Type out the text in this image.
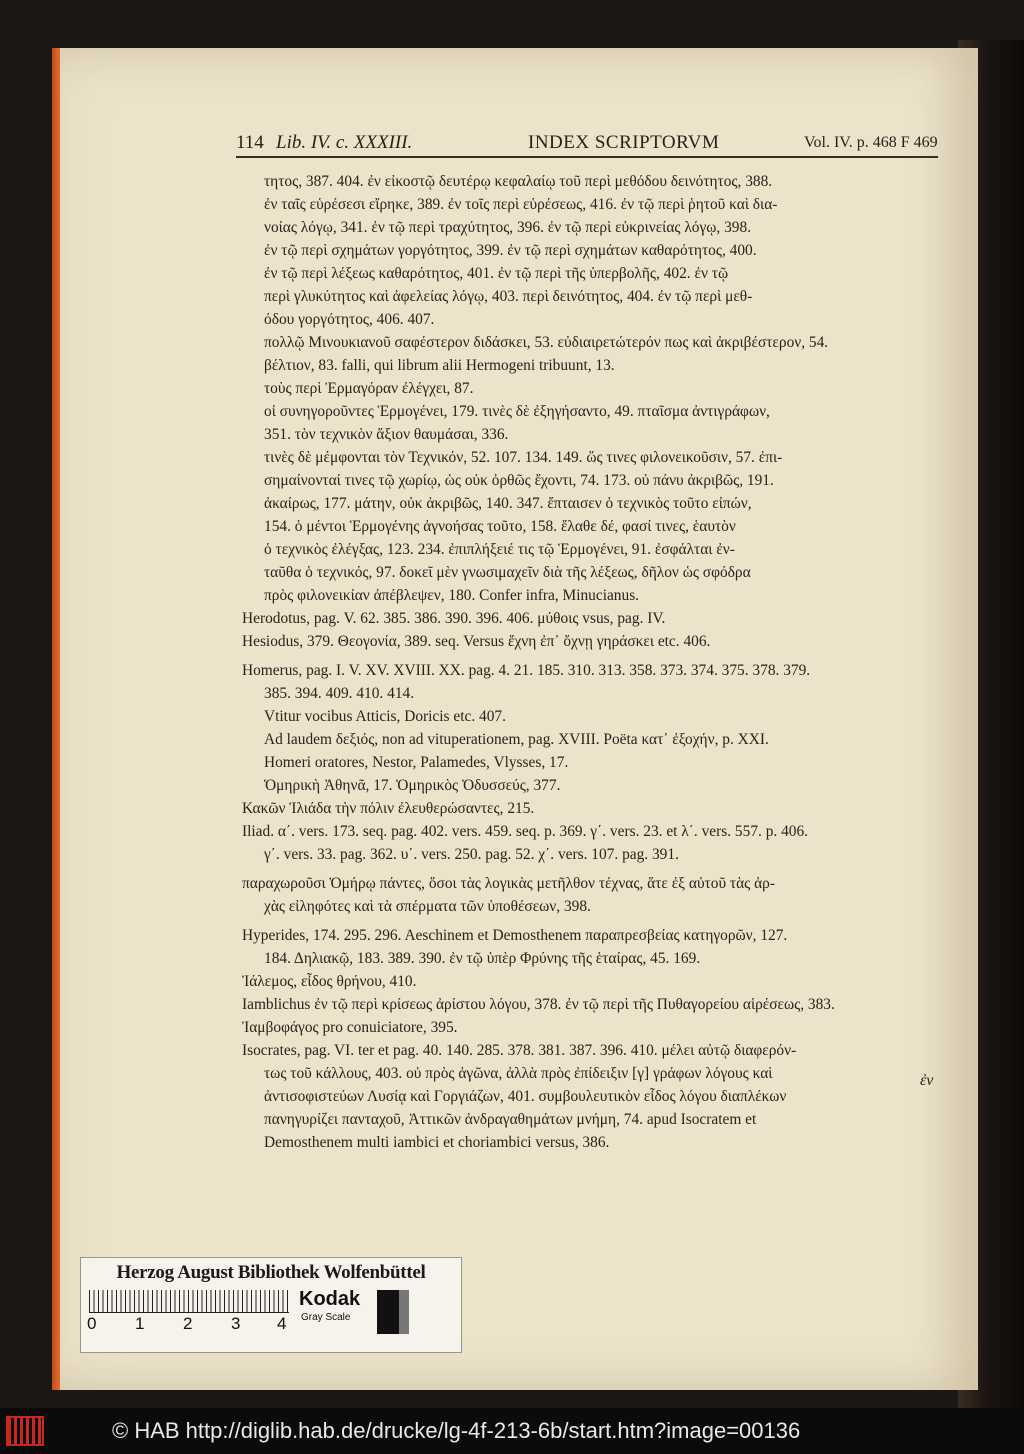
114 Lib. IV. c. XXXIII.	INDEX SCRIPTORVM	Vol. IV. p. 468 F 469

τητος, 387. 404. ἐν εἰκοστῷ δευτέρῳ κεφαλαίῳ τοῦ περὶ μεθόδου δεινότητος, 388.

ἐν ταῖς εὑρέσεσι εἴρηκε, 389. ἐν τοῖς περὶ εὑρέσεως, 416. ἐν τῷ περὶ ῥητοῦ καὶ δια-

νοίας λόγῳ, 341. ἐν τῷ περὶ τραχύτητος, 396. ἐν τῷ περὶ εὐκρινείας λόγῳ, 398.

ἐν τῷ περὶ σχημάτων γοργότητος, 399. ἐν τῷ περὶ σχημάτων καθαρότητος, 400.

ἐν τῷ περὶ λέξεως καθαρότητος, 401. ἐν τῷ περὶ τῆς ὑπερβολῆς, 402. ἐν τῷ

περὶ γλυκύτητος καὶ ἀφελείας λόγῳ, 403. περὶ δεινότητος, 404. ἐν τῷ περὶ μεθ-

όδου γοργότητος, 406. 407.

πολλῷ Μινουκιανοῦ σαφέστερον διδάσκει, 53. εὐδιαιρετώτερόν πως καὶ ἀκριβέστερον, 54.

βέλτιον, 83. falli, qui librum alii Hermogeni tribuunt, 13.

τοὺς περὶ Ἑρμαγόραν ἐλέγχει, 87.

οἱ συνηγοροῦντες Ἑρμογένει, 179. τινὲς δὲ ἐξηγήσαντο, 49. πταῖσμα ἀντιγράφων,

351. τὸν τεχνικὸν ἄξιον θαυμάσαι, 336.

τινὲς δὲ μέμφονται τὸν Τεχνικόν, 52. 107. 134. 149. ὥς τινες φιλονεικοῦσιν, 57. ἐπι-

σημαίνονταί τινες τῷ χωρίῳ, ὡς οὐκ ὀρθῶς ἔχοντι, 74. 173. οὐ πάνυ ἀκριβῶς, 191.

ἀκαίρως, 177. μάτην, οὐκ ἀκριβῶς, 140. 347. ἔπταισεν ὁ τεχνικὸς τοῦτο εἰπών,

154. ὁ μέντοι Ἑρμογένης ἀγνοήσας τοῦτο, 158. ἔλαθε δέ, φασί τινες, ἑαυτὸν

ὁ τεχνικὸς ἐλέγξας, 123. 234. ἐπιπλήξειέ τις τῷ Ἑρμογένει, 91. ἐσφάλται ἐν-

ταῦθα ὁ τεχνικός, 97. δοκεῖ μὲν γνωσιμαχεῖν διὰ τῆς λέξεως, δῆλον ὡς σφόδρα

πρὸς φιλονεικίαν ἀπέβλεψεν, 180. Confer infra, Minucianus.

Herodotus, pag. V. 62. 385. 386. 390. 396. 406. μύθοις vsus, pag. IV.

Hesiodus, 379. Θεογονία, 389. seq. Versus ἔχνη ἐπ᾽ ὄχνῃ γηράσκει etc. 406.

Homerus, pag. I. V. XV. XVIII. XX. pag. 4. 21. 185. 310. 313. 358. 373. 374. 375. 378. 379.

385. 394. 409. 410. 414.

Vtitur vocibus Atticis, Doricis etc. 407.

Ad laudem δεξιός, non ad vituperationem, pag. XVIII. Poëta κατ᾽ ἐξοχήν, p. XXI.

Homeri oratores, Nestor, Palamedes, Vlysses, 17.

Ὁμηρικὴ Ἀθηνᾶ, 17. Ὁμηρικὸς Ὀδυσσεύς, 377.

Κακῶν Ἰλιάδα τὴν πόλιν ἐλευθερώσαντες, 215.

Iliad. α΄. vers. 173. seq. pag. 402. vers. 459. seq. p. 369. γ΄. vers. 23. et λ΄. vers. 557. p. 406.

γ΄. vers. 33. pag. 362. υ΄. vers. 250. pag. 52. χ΄. vers. 107. pag. 391.

παραχωροῦσι Ὁμήρῳ πάντες, ὅσοι τὰς λογικὰς μετῆλθον τέχνας, ἅτε ἐξ αὐτοῦ τὰς ἀρ-

χὰς εἰληφότες καὶ τὰ σπέρματα τῶν ὑποθέσεων, 398.

Hyperides, 174. 295. 296. Aeschinem et Demosthenem παραπρεσβείας κατηγορῶν, 127.

184. Δηλιακῷ, 183. 389. 390. ἐν τῷ ὑπὲρ Φρύνης τῆς ἑταίρας, 45. 169.

Ἰάλεμος, εἶδος θρήνου, 410.

Iamblichus ἐν τῷ περὶ κρίσεως ἀρίστου λόγου, 378. ἐν τῷ περὶ τῆς Πυθαγορείου αἱρέσεως, 383.

Ἰαμβοφάγος pro conuiciatore, 395.

Isocrates, pag. VI. ter et pag. 40. 140. 285. 378. 381. 387. 396. 410. μέλει αὐτῷ διαφερόν-

τως τοῦ κάλλους, 403. οὐ πρὸς ἀγῶνα, ἀλλὰ πρὸς ἐπίδειξιν [γ] γράφων λόγους καὶ

ἀντισοφιστεύων Λυσίᾳ καὶ Γοργιάζων, 401. συμβουλευτικὸν εἶδος λόγου διαπλέκων

πανηγυρίζει πανταχοῦ, Ἀττικῶν ἀνδραγαθημάτων μνήμη, 74. apud Isocratem et

Demosthenem multi iambici et choriambici versus, 386.

ἐν
Herzog August Bibliothek Wolfenbüttel
0 1 2 3 4
Kodak
Gray Scale
© HAB http://diglib.hab.de/drucke/lg-4f-213-6b/start.htm?image=00136
